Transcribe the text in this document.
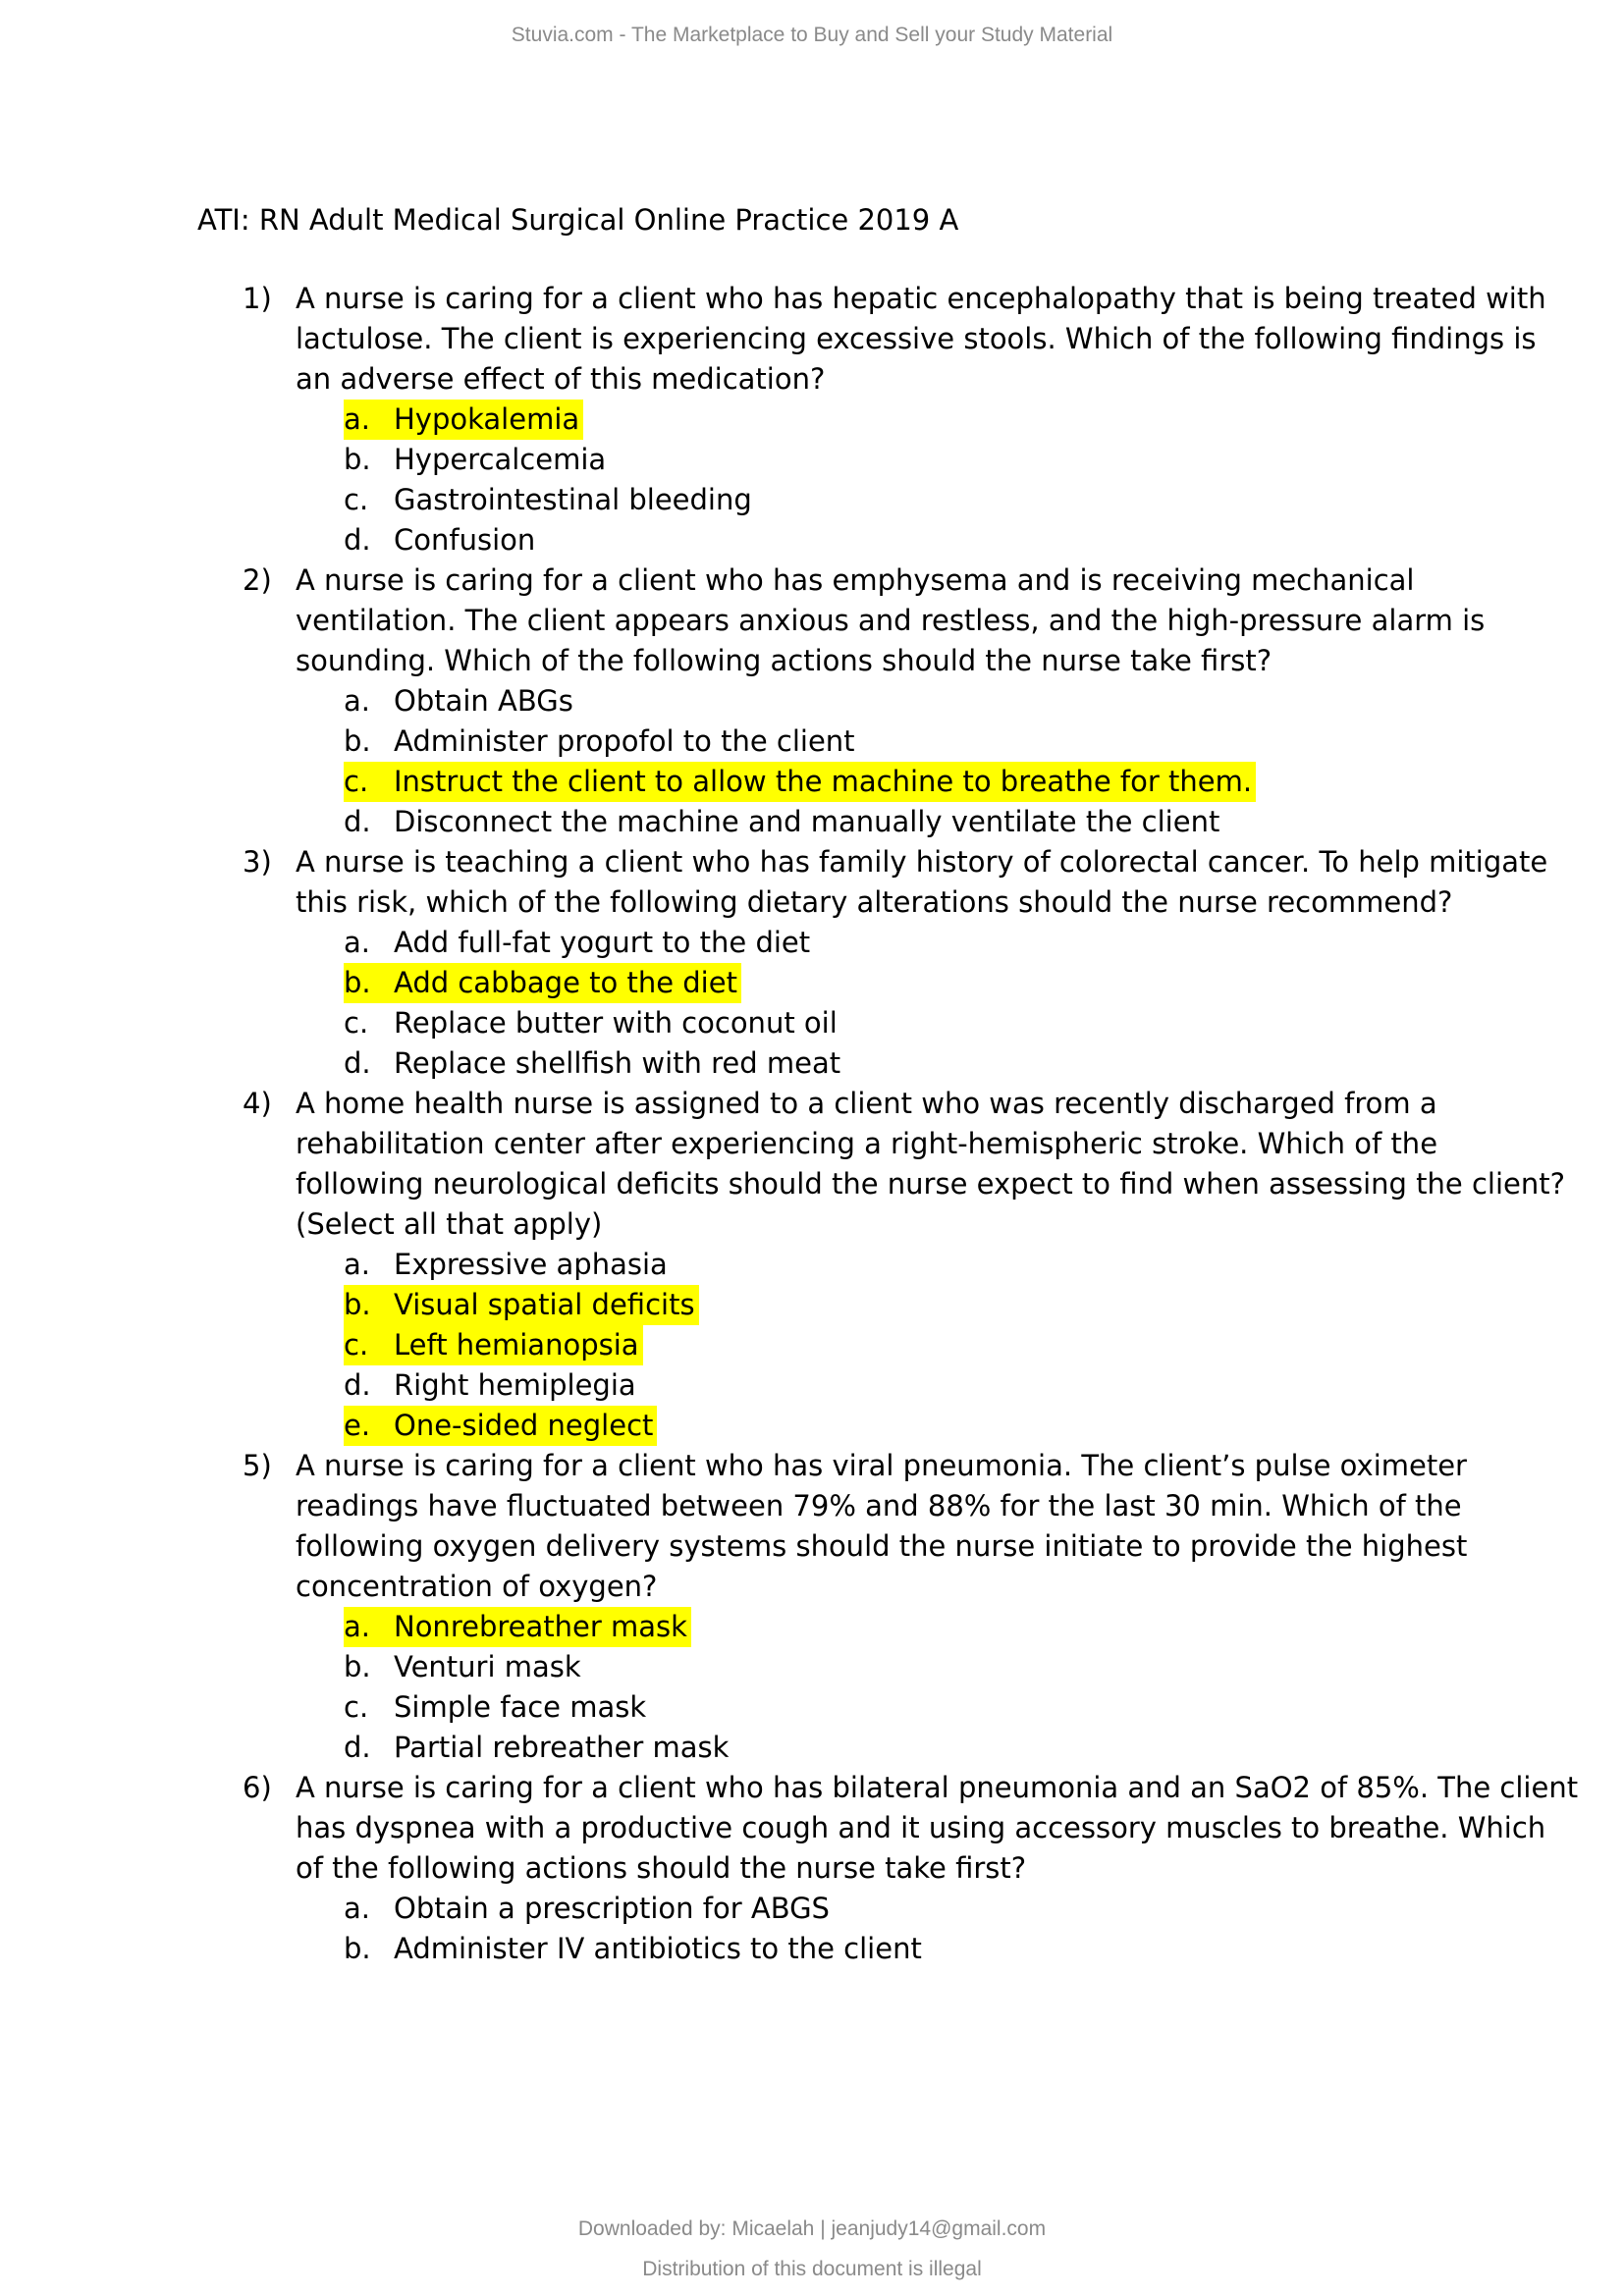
Stuvia.com - The Marketplace to Buy and Sell your Study Material
ATI: RN Adult Medical Surgical Online Practice 2019 A
1) A nurse is caring for a client who has hepatic encephalopathy that is being treated with
lactulose. The client is experiencing excessive stools. Which of the following findings is
an adverse effect of this medication?
a. Hypokalemia
b. Hypercalcemia
c. Gastrointestinal bleeding
d. Confusion
2) A nurse is caring for a client who has emphysema and is receiving mechanical
ventilation. The client appears anxious and restless, and the high-pressure alarm is
sounding. Which of the following actions should the nurse take first?
a. Obtain ABGs
b. Administer propofol to the client
c. Instruct the client to allow the machine to breathe for them.
d. Disconnect the machine and manually ventilate the client
3) A nurse is teaching a client who has family history of colorectal cancer. To help mitigate
this risk, which of the following dietary alterations should the nurse recommend?
a. Add full-fat yogurt to the diet
b. Add cabbage to the diet
c. Replace butter with coconut oil
d. Replace shellfish with red meat
4) A home health nurse is assigned to a client who was recently discharged from a
rehabilitation center after experiencing a right-hemispheric stroke. Which of the
following neurological deficits should the nurse expect to find when assessing the client?
(Select all that apply)
a. Expressive aphasia
b. Visual spatial deficits
c. Left hemianopsia
d. Right hemiplegia
e. One-sided neglect
5) A nurse is caring for a client who has viral pneumonia. The client’s pulse oximeter
readings have fluctuated between 79% and 88% for the last 30 min. Which of the
following oxygen delivery systems should the nurse initiate to provide the highest
concentration of oxygen?
a. Nonrebreather mask
b. Venturi mask
c. Simple face mask
d. Partial rebreather mask
6) A nurse is caring for a client who has bilateral pneumonia and an SaO2 of 85%. The client
has dyspnea with a productive cough and it using accessory muscles to breathe. Which
of the following actions should the nurse take first?
a. Obtain a prescription for ABGS
b. Administer IV antibiotics to the client
Downloaded by: Micaelah | jeanjudy14@gmail.com
Distribution of this document is illegal
